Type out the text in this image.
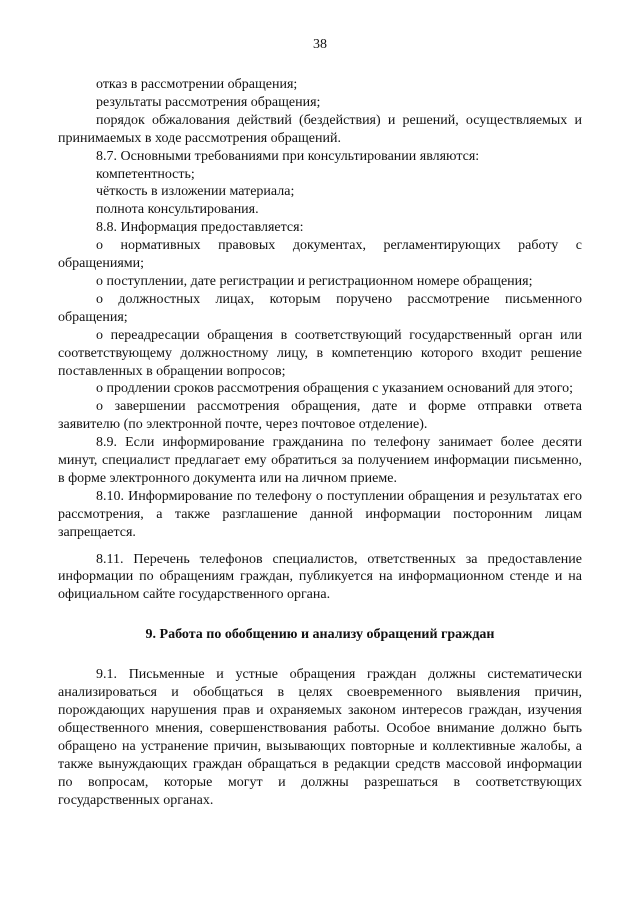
38

отказ в рассмотрении обращения;

результаты рассмотрения обращения;

порядок обжалования действий (бездействия) и решений, осуществляемых и принимаемых в ходе рассмотрения обращений.

8.7. Основными требованиями при консультировании являются:

компетентность;

чёткость в изложении материала;

полнота консультирования.

8.8. Информация предоставляется:

о нормативных правовых документах, регламентирующих работу с обращениями;

о поступлении, дате регистрации и регистрационном номере обращения;

о должностных лицах, которым поручено рассмотрение письменного обращения;

о переадресации обращения в соответствующий государственный орган или соответствующему должностному лицу, в компетенцию которого входит решение поставленных в обращении вопросов;

о продлении сроков рассмотрения обращения с указанием оснований для этого;

о завершении рассмотрения обращения, дате и форме отправки ответа заявителю (по электронной почте, через почтовое отделение).

8.9. Если информирование гражданина по телефону занимает более десяти минут, специалист предлагает ему обратиться за получением информации письменно, в форме электронного документа или на личном приеме.

8.10. Информирование по телефону о поступлении обращения и результатах его рассмотрения, а также разглашение данной информации посторонним лицам запрещается.

8.11. Перечень телефонов специалистов, ответственных за предоставление информации по обращениям граждан, публикуется на информационном стенде и на официальном сайте государственного органа.

9. Работа по обобщению и анализу обращений граждан

9.1. Письменные и устные обращения граждан должны систематически анализироваться и обобщаться в целях своевременного выявления причин, порождающих нарушения прав и охраняемых законом интересов граждан, изучения общественного мнения, совершенствования работы. Особое внимание должно быть обращено на устранение причин, вызывающих повторные и коллективные жалобы, а также вынуждающих граждан обращаться в редакции средств массовой информации по вопросам, которые могут и должны разрешаться в соответствующих государственных органах.
